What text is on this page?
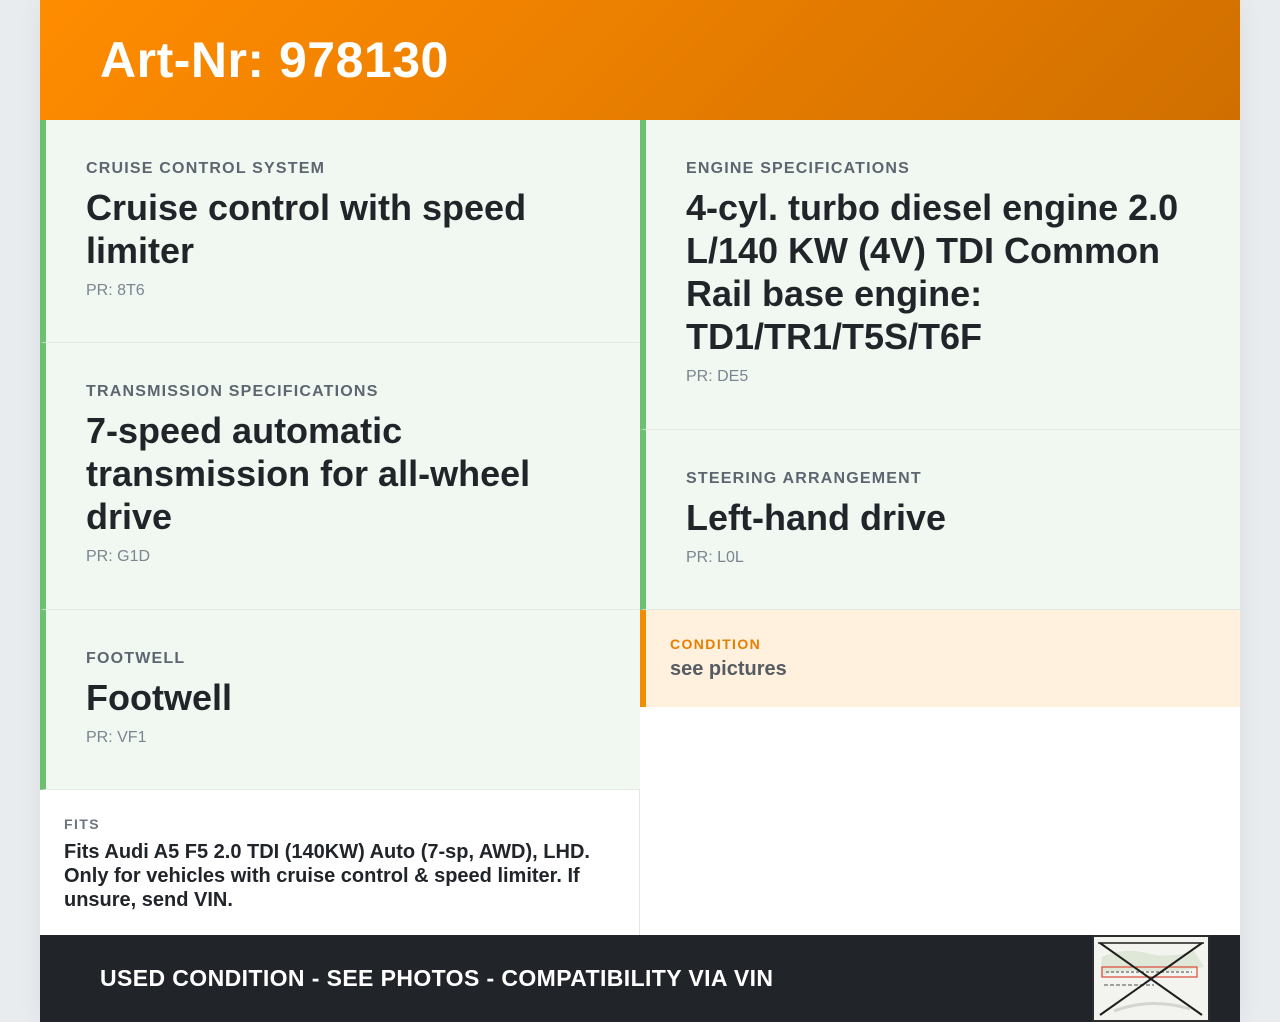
Art-Nr: 978130
CRUISE CONTROL SYSTEM
Cruise control with speed limiter
PR: 8T6
TRANSMISSION SPECIFICATIONS
7-speed automatic transmission for all-wheel drive
PR: G1D
FOOTWELL
Footwell
PR: VF1
FITS
Fits Audi A5 F5 2.0 TDI (140KW) Auto (7-sp, AWD), LHD. Only for vehicles with cruise control & speed limiter. If unsure, send VIN.
ENGINE SPECIFICATIONS
4-cyl. turbo diesel engine 2.0 L/140 KW (4V) TDI Common Rail base engine: TD1/TR1/T5S/T6F
PR: DE5
STEERING ARRANGEMENT
Left-hand drive
PR: L0L
CONDITION
see pictures
USED CONDITION - SEE PHOTOS - COMPATIBILITY VIA VIN
